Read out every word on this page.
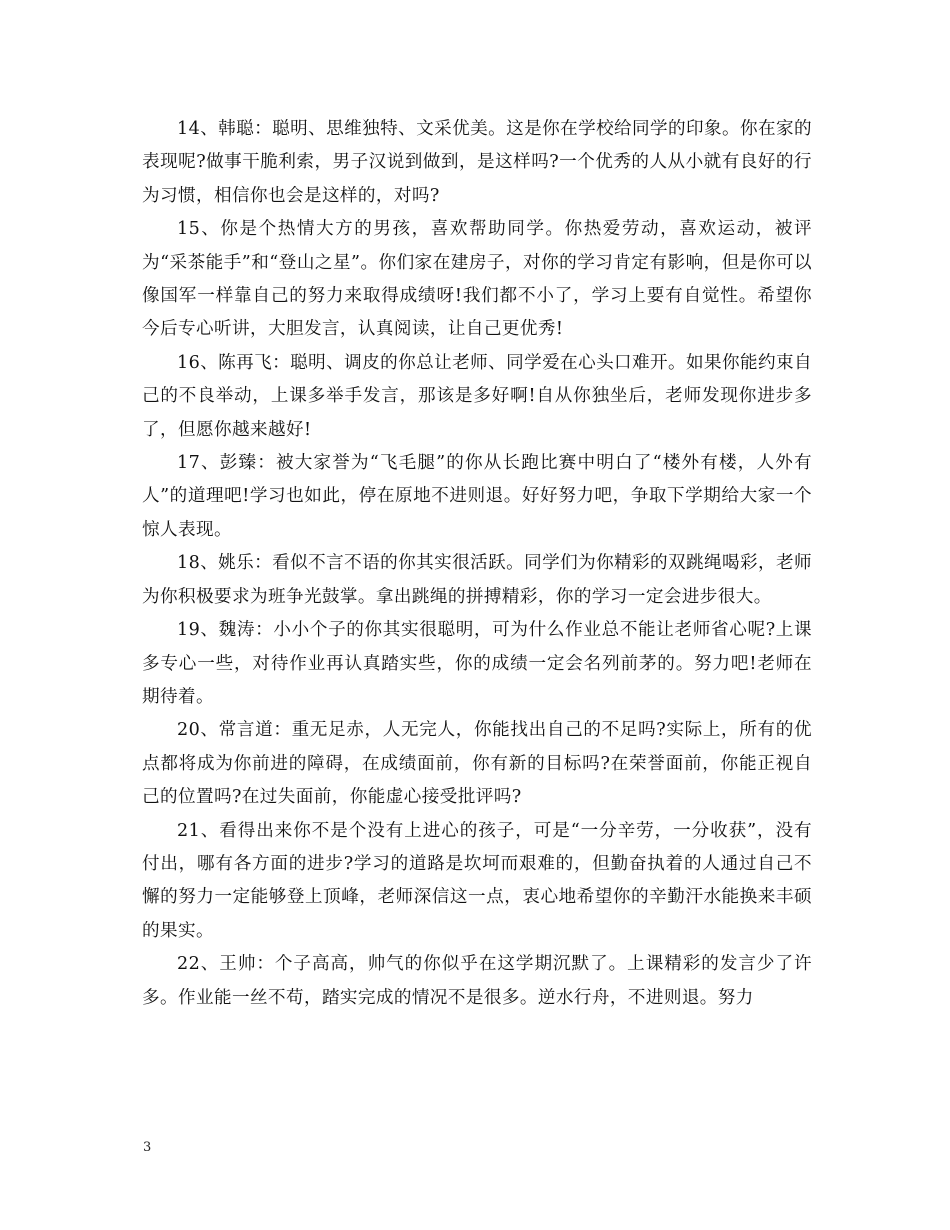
14、韩聪：聪明、思维独特、文采优美。这是你在学校给同学的印象。你在家的表现呢?做事干脆利索，男子汉说到做到，是这样吗?一个优秀的人从小就有良好的行为习惯，相信你也会是这样的，对吗?

15、你是个热情大方的男孩，喜欢帮助同学。你热爱劳动，喜欢运动，被评为“采茶能手”和“登山之星”。你们家在建房子，对你的学习肯定有影响，但是你可以像国军一样靠自己的努力来取得成绩呀!我们都不小了，学习上要有自觉性。希望你今后专心听讲，大胆发言，认真阅读，让自己更优秀!

16、陈再飞：聪明、调皮的你总让老师、同学爱在心头口难开。如果你能约束自己的不良举动，上课多举手发言，那该是多好啊!自从你独坐后，老师发现你进步多了，但愿你越来越好!

17、彭臻：被大家誉为“飞毛腿”的你从长跑比赛中明白了“楼外有楼，人外有人”的道理吧!学习也如此，停在原地不进则退。好好努力吧，争取下学期给大家一个惊人表现。

18、姚乐：看似不言不语的你其实很活跃。同学们为你精彩的双跳绳喝彩，老师为你积极要求为班争光鼓掌。拿出跳绳的拼搏精彩，你的学习一定会进步很大。

19、魏涛：小小个子的你其实很聪明，可为什么作业总不能让老师省心呢?上课多专心一些，对待作业再认真踏实些，你的成绩一定会名列前茅的。努力吧!老师在期待着。

20、常言道：重无足赤，人无完人，你能找出自己的不足吗?实际上，所有的优点都将成为你前进的障碍，在成绩面前，你有新的目标吗?在荣誉面前，你能正视自己的位置吗?在过失面前，你能虚心接受批评吗?

21、看得出来你不是个没有上进心的孩子，可是“一分辛劳，一分收获”，没有付出，哪有各方面的进步?学习的道路是坎坷而艰难的，但勤奋执着的人通过自己不懈的努力一定能够登上顶峰，老师深信这一点，衷心地希望你的辛勤汗水能换来丰硕的果实。

22、王帅：个子高高，帅气的你似乎在这学期沉默了。上课精彩的发言少了许多。作业能一丝不苟，踏实完成的情况不是很多。逆水行舟，不进则退。努力

3
